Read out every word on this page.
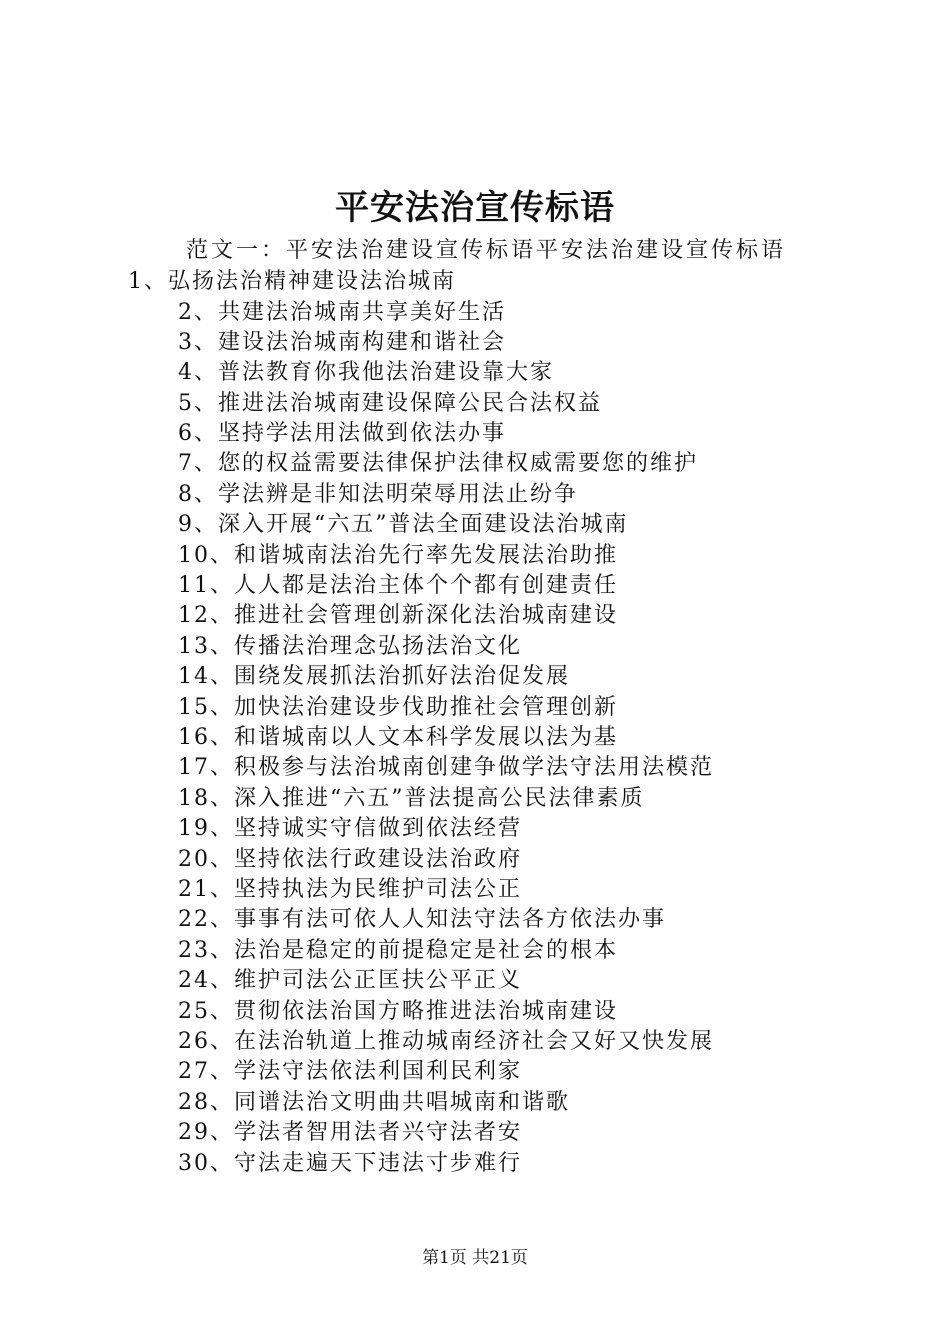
平安法治宣传标语
范文一：平安法治建设宣传标语平安法治建设宣传标语
1、弘扬法治精神建设法治城南
2、共建法治城南共享美好生活
3、建设法治城南构建和谐社会
4、普法教育你我他法治建设靠大家
5、推进法治城南建设保障公民合法权益
6、坚持学法用法做到依法办事
7、您的权益需要法律保护法律权威需要您的维护
8、学法辨是非知法明荣辱用法止纷争
9、深入开展“六五”普法全面建设法治城南
10、和谐城南法治先行率先发展法治助推
11、人人都是法治主体个个都有创建责任
12、推进社会管理创新深化法治城南建设
13、传播法治理念弘扬法治文化
14、围绕发展抓法治抓好法治促发展
15、加快法治建设步伐助推社会管理创新
16、和谐城南以人文本科学发展以法为基
17、积极参与法治城南创建争做学法守法用法模范
18、深入推进“六五”普法提高公民法律素质
19、坚持诚实守信做到依法经营
20、坚持依法行政建设法治政府
21、坚持执法为民维护司法公正
22、事事有法可依人人知法守法各方依法办事
23、法治是稳定的前提稳定是社会的根本
24、维护司法公正匡扶公平正义
25、贯彻依法治国方略推进法治城南建设
26、在法治轨道上推动城南经济社会又好又快发展
27、学法守法依法利国利民利家
28、同谱法治文明曲共唱城南和谐歌
29、学法者智用法者兴守法者安
30、守法走遍天下违法寸步难行
第1页 共21页
